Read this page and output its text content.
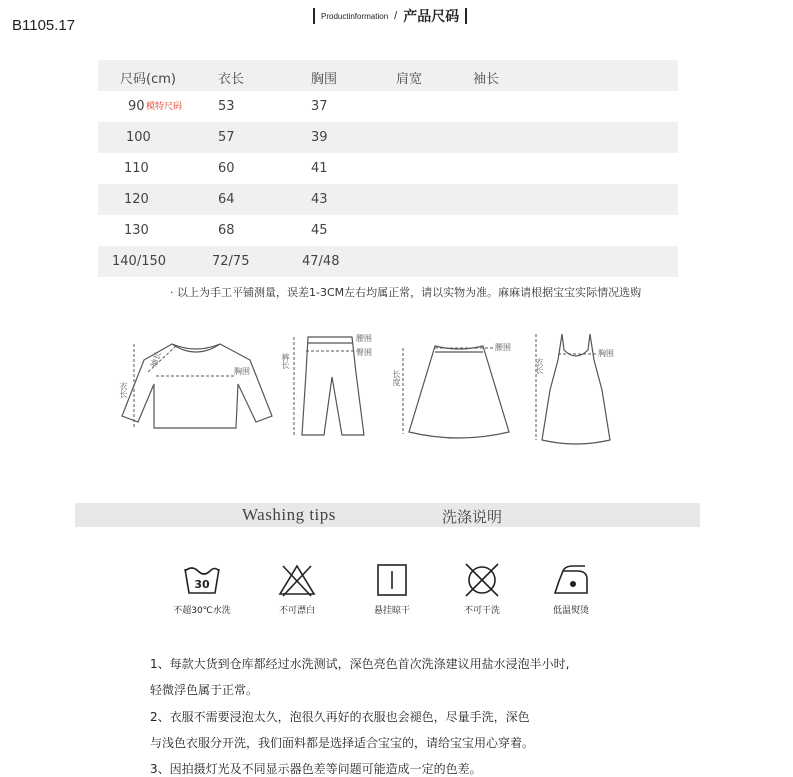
B1105.17
Productinformation / 产品尺码
尺码(cm)	衣长	胸围	肩宽	袖长
90 模特尺码	53	37
100	57	39
110	60	41
120	64	43
130	68	45
140/150	72/75	47/48
· 以上为手工平铺测量，误差1-3CM左右均属正常，请以实物为准。麻麻请根据宝宝实际情况选购
袖长
胸围
衣长
腰围
臀围
裤长
腰围
长度
胸围
衣长
Washing tips	洗涤说明
30
不超30℃水洗	不可漂白	悬挂晾干	不可干洗	低温熨烫
1、每款大货到仓库都经过水洗测试，深色亮色首次洗涤建议用盐水浸泡半小时,
轻微浮色属于正常。
2、衣服不需要浸泡太久，泡很久再好的衣服也会褪色，尽量手洗，深色
与浅色衣服分开洗，我们面料都是选择适合宝宝的，请给宝宝用心穿着。
3、因拍摄灯光及不同显示器色差等问题可能造成一定的色差。
